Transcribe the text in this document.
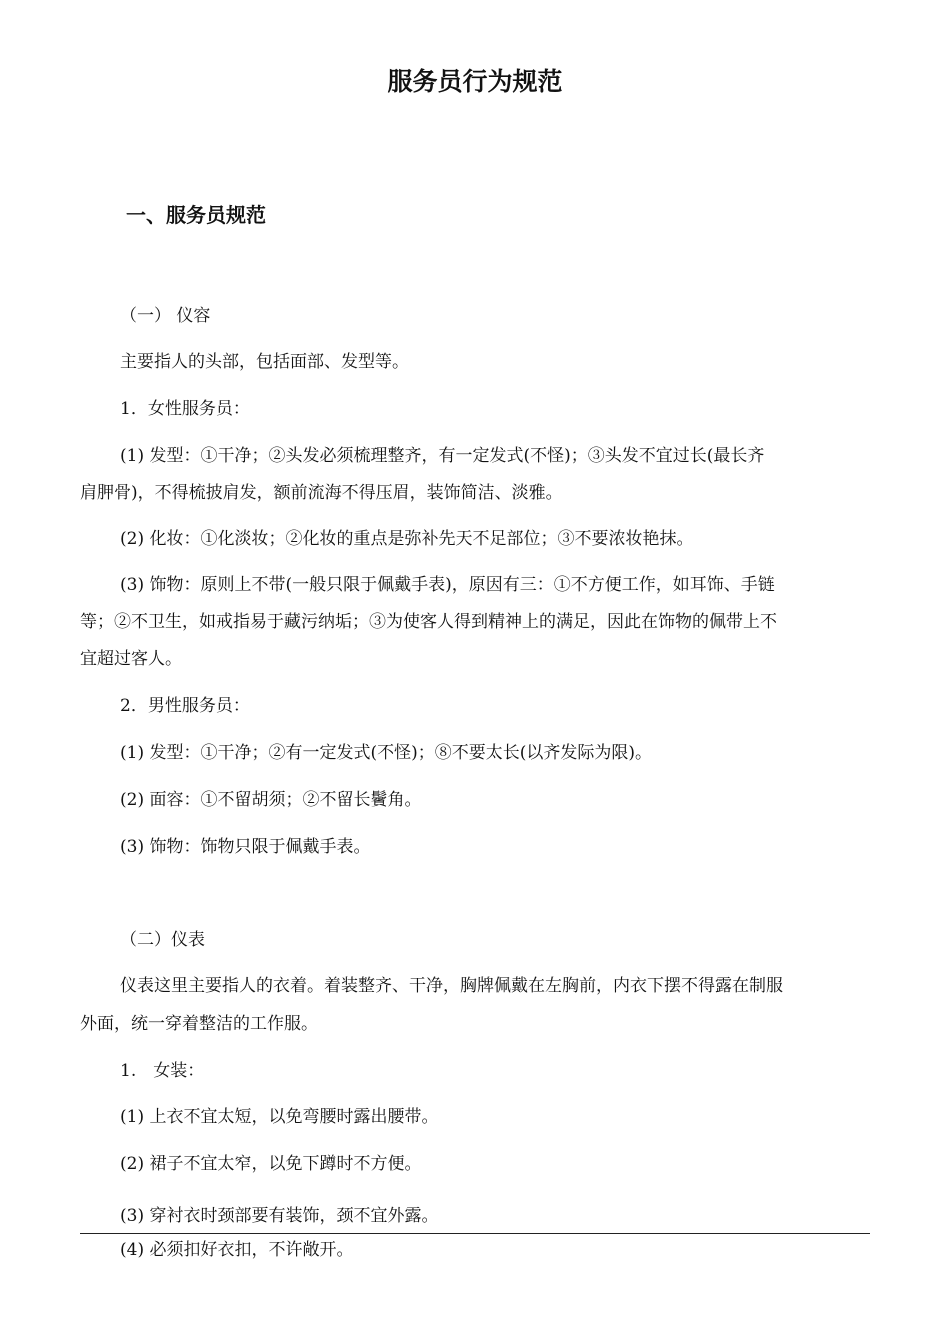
服务员行为规范
一、服务员规范

（一） 仪容

主要指人的头部，包括面部、发型等。

1．女性服务员：

(1) 发型：①干净；②头发必须梳理整齐，有一定发式(不怪)；③头发不宜过长(最长齐

肩胛骨)，不得梳披肩发，额前流海不得压眉，装饰简洁、淡雅。

(2) 化妆：①化淡妆；②化妆的重点是弥补先天不足部位；③不要浓妆艳抹。

(3) 饰物：原则上不带(一般只限于佩戴手表)，原因有三：①不方便工作，如耳饰、手链

等；②不卫生，如戒指易于藏污纳垢；③为使客人得到精神上的满足，因此在饰物的佩带上不

宜超过客人。

2．男性服务员：

(1) 发型：①干净；②有一定发式(不怪)；⑧不要太长(以齐发际为限)。

(2) 面容：①不留胡须；②不留长鬢角。

(3) 饰物：饰物只限于佩戴手表。

（二）仪表

仪表这里主要指人的衣着。着装整齐、干净，胸牌佩戴在左胸前，内衣下摆不得露在制服

外面，统一穿着整洁的工作服。

1.　女装：

(1) 上衣不宜太短，以免弯腰时露出腰带。

(2) 裙子不宜太窄，以免下蹲时不方便。

(3) 穿衬衣时颈部要有装饰，颈不宜外露。

(4) 必须扣好衣扣，不许敞开。
